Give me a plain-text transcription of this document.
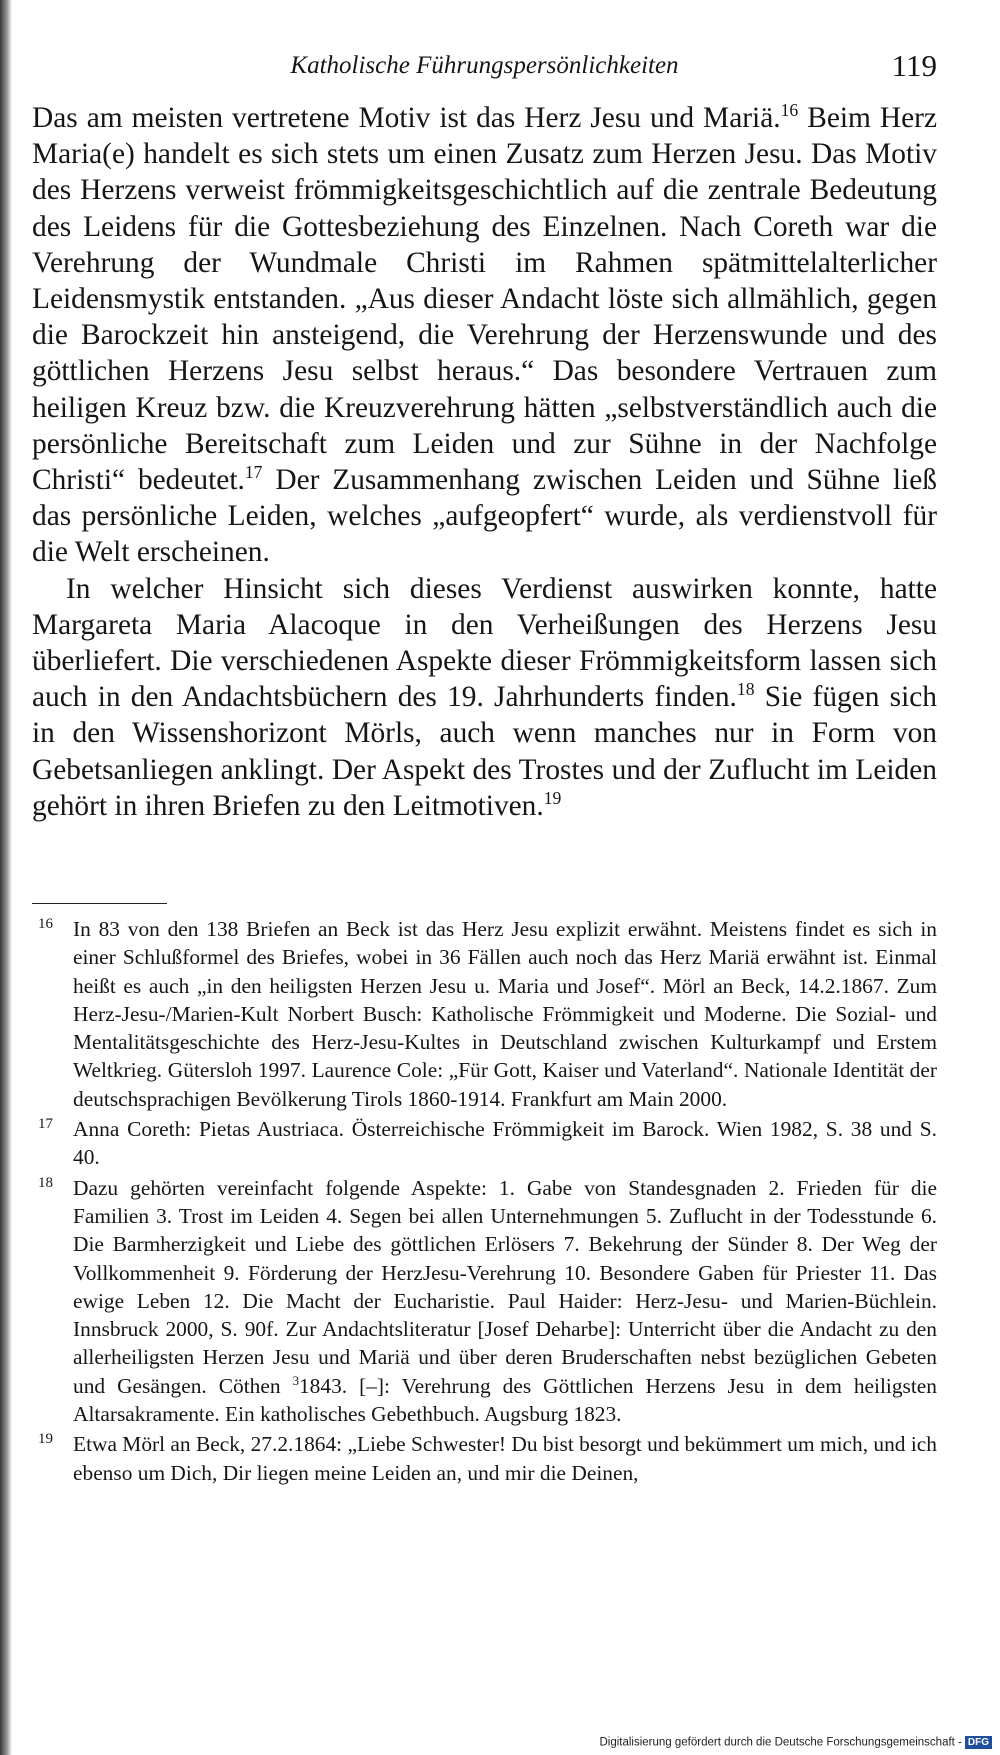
Katholische Führungspersönlichkeiten	119

Das am meisten vertretene Motiv ist das Herz Jesu und Mariä.$^{16}$ Beim Herz Maria(e) handelt es sich stets um einen Zusatz zum Herzen Jesu. Das Motiv des Herzens verweist frömmigkeitsgeschichtlich auf die zentrale Bedeutung des Leidens für die Gottesbeziehung des Einzelnen. Nach Coreth war die Verehrung der Wundmale Christi im Rahmen spätmittelalterlicher Leidensmystik entstanden. „Aus dieser Andacht löste sich allmählich, gegen die Barockzeit hin ansteigend, die Verehrung der Herzenswunde und des göttlichen Herzens Jesu selbst heraus.“ Das besondere Vertrauen zum heiligen Kreuz bzw. die Kreuzverehrung hätten „selbstverständlich auch die persönliche Bereitschaft zum Leiden und zur Sühne in der Nachfolge Christi“ bedeutet.$^{17}$ Der Zusammenhang zwischen Leiden und Sühne ließ das persönliche Leiden, welches „aufgeopfert“ wurde, als verdienstvoll für die Welt erscheinen.

In welcher Hinsicht sich dieses Verdienst auswirken konnte, hatte Margareta Maria Alacoque in den Verheißungen des Herzens Jesu überliefert. Die verschiedenen Aspekte dieser Frömmigkeitsform lassen sich auch in den Andachtsbüchern des 19. Jahrhunderts finden.$^{18}$ Sie fügen sich in den Wissenshorizont Mörls, auch wenn manches nur in Form von Gebetsanliegen anklingt. Der Aspekt des Trostes und der Zuflucht im Leiden gehört in ihren Briefen zu den Leitmotiven.$^{19}$

16 In 83 von den 138 Briefen an Beck ist das Herz Jesu explizit erwähnt. Meistens findet es sich in einer Schlußformel des Briefes, wobei in 36 Fällen auch noch das Herz Mariä erwähnt ist. Einmal heißt es auch „in den heiligsten Herzen Jesu u. Maria und Josef“. Mörl an Beck, 14.2.1867. Zum Herz-Jesu-/Marien-Kult Norbert Busch: Katholische Frömmigkeit und Moderne. Die Sozial- und Mentalitätsgeschichte des Herz-Jesu-Kultes in Deutschland zwischen Kulturkampf und Erstem Weltkrieg. Gütersloh 1997. Laurence Cole: „Für Gott, Kaiser und Vaterland“. Nationale Identität der deutschsprachigen Bevölkerung Tirols 1860-1914. Frankfurt am Main 2000.
17 Anna Coreth: Pietas Austriaca. Österreichische Frömmigkeit im Barock. Wien 1982, S. 38 und S. 40.
18 Dazu gehörten vereinfacht folgende Aspekte: 1. Gabe von Standesgnaden 2. Frieden für die Familien 3. Trost im Leiden 4. Segen bei allen Unternehmungen 5. Zuflucht in der Todesstunde 6. Die Barmherzigkeit und Liebe des göttlichen Erlösers 7. Bekehrung der Sünder 8. Der Weg der Vollkommenheit 9. Förderung der HerzJesu-Verehrung 10. Besondere Gaben für Priester 11. Das ewige Leben 12. Die Macht der Eucharistie. Paul Haider: Herz-Jesu- und Marien-Büchlein. Innsbruck 2000, S. 90f. Zur Andachtsliteratur [Josef Deharbe]: Unterricht über die Andacht zu den allerheiligsten Herzen Jesu und Mariä und über deren Bruderschaften nebst bezüglichen Gebeten und Gesängen. Cöthen $^3$1843. [–]: Verehrung des Göttlichen Herzens Jesu in dem heiligsten Altarsakramente. Ein katholisches Gebethbuch. Augsburg 1823.
19 Etwa Mörl an Beck, 27.2.1864: „Liebe Schwester! Du bist besorgt und bekümmert um mich, und ich ebenso um Dich, Dir liegen meine Leiden an, und mir die Deinen,
Digitalisierung gefördert durch die Deutsche Forschungsgemeinschaft - DFG
